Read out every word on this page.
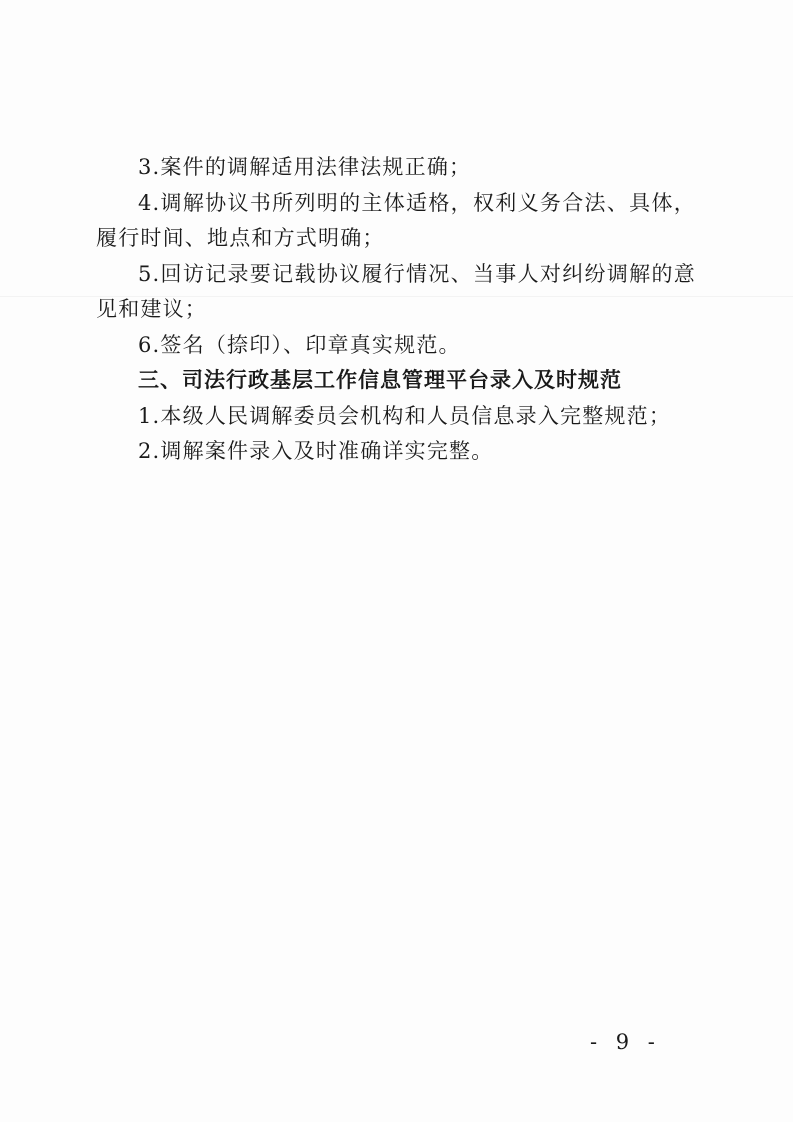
3.案件的调解适用法律法规正确；

4.调解协议书所列明的主体适格，权利义务合法、具体，履行时间、地点和方式明确；

5.回访记录要记载协议履行情况、当事人对纠纷调解的意见和建议；

6.签名（捺印）、印章真实规范。

三、司法行政基层工作信息管理平台录入及时规范

1.本级人民调解委员会机构和人员信息录入完整规范；

2.调解案件录入及时准确详实完整。

- 9 -
